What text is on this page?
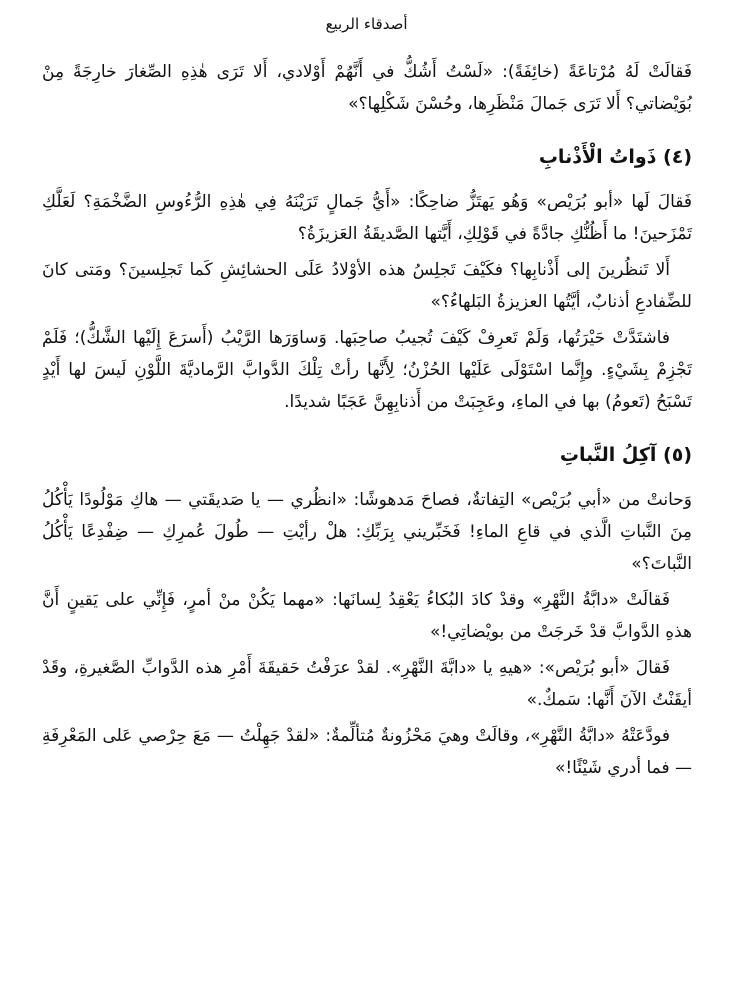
أصدقاء الربيع

فَقالَتْ لَهُ مُرْتاعَةً (خائِفَةً): «لَسْتُ أَشُكُّ في أَنَّهُمْ أَوْلادي، أَلا تَرَى هٰذِهِ الصِّغارَ خارِجَةً مِنْ بُوَيْضاتي؟ أَلا تَرَى جَمالَ مَنْظَرِها، وحُسْنَ شَكْلِها؟»

(٤) ذَواتُ الْأَذْنابِ

فَقالَ لَها «أبو بُرَيْص» وَهُو يَهتَزُّ ضاحِكًا: «أَيُّ جَمالٍ تَرَيْنَهُ فِي هٰذِهِ الرُّءُوسِ الضَّخْمَةِ؟ لَعَلَّكِ تَمْزَحينَ! ما أَظُنُّكِ جادَّةً في قَوْلِكِ، أَيَّتها الصَّديقَةُ العَزيزَةُ؟

أَلا تَنظُرينَ إلى أَذْنابِها؟ فكَيْفَ تَجلِسُ هذه الأوْلادُ عَلَى الحشائِشِ كَما تَجلِسينَ؟ ومَتى كانَ للضِّفادعِ أذنابٌ، أيَّتُها العزيزةُ البَلهاءُ؟»

فاشتَدَّتْ حَيْرَتُها، وَلَمْ تَعرِفْ كَيْفَ تُجيبُ صاحِبَها. وَساوَرَها الرَّيْبُ (أَسرَعَ إِلَيْها الشَّكُّ)؛ فَلَمْ تَجْزِمْ بِشَيْءٍ. وإِنَّما اسْتَوْلَى عَلَيْها الحُزْنُ؛ لِأَنَّها رأتْ تِلْكَ الدَّوابَّ الرَّماديَّةَ اللَّوْنِ لَيسَ لها أَيْدٍ تَسْبَحُ (تَعومُ) بها في الماءِ، وعَجِبَتْ من أَذنابِهِنَّ عَجَبًا شديدًا.

(٥) آكِلُ النَّباتِ

وَحانتْ من «أبي بُرَيْص» التِفاتةٌ، فصاحَ مَدهوشًا: «انظُري — يا صَديقَتي — هاكِ مَوْلُودًا يَأْكُلُ مِنَ النَّباتِ الَّذي في قاعِ الماءِ! فَخَبِّريني بِرَبِّكِ: هلْ رأيْتِ — طُولَ عُمرِكِ — ضِفْدِعًا يَأْكُلُ النَّباتَ؟»

فَقالَتْ «دابَّةُ النَّهْرِ» وقدْ كادَ البُكاءُ يَعْقِدُ لِسانَها: «مهما يَكُنْ منْ أمرٍ، فَإِنِّي على يَقينٍ أَنَّ هذهِ الدَّوابَّ قدْ خَرجَتْ من بويْضاتِي!»

فَقالَ «أبو بُرَيْص»: «هيهِ يا «دابَّةَ النَّهْرِ». لقدْ عرَفْتُ حَقيقَةَ أَمْرِ هذه الدَّوابِّ الصَّغيرةِ، وقَدْ أيقَنْتُ الآنَ أَنَّها: سَمكٌ.»

فودَّعَتْهُ «دابَّةُ النَّهْرِ»، وقالَتْ وهيَ مَحْزُونةٌ مُتألِّمةٌ: «لقدْ جَهِلْتُ — مَعَ حِرْصي عَلى المَعْرِفَةِ — فما أدري شَيْئًا!»
